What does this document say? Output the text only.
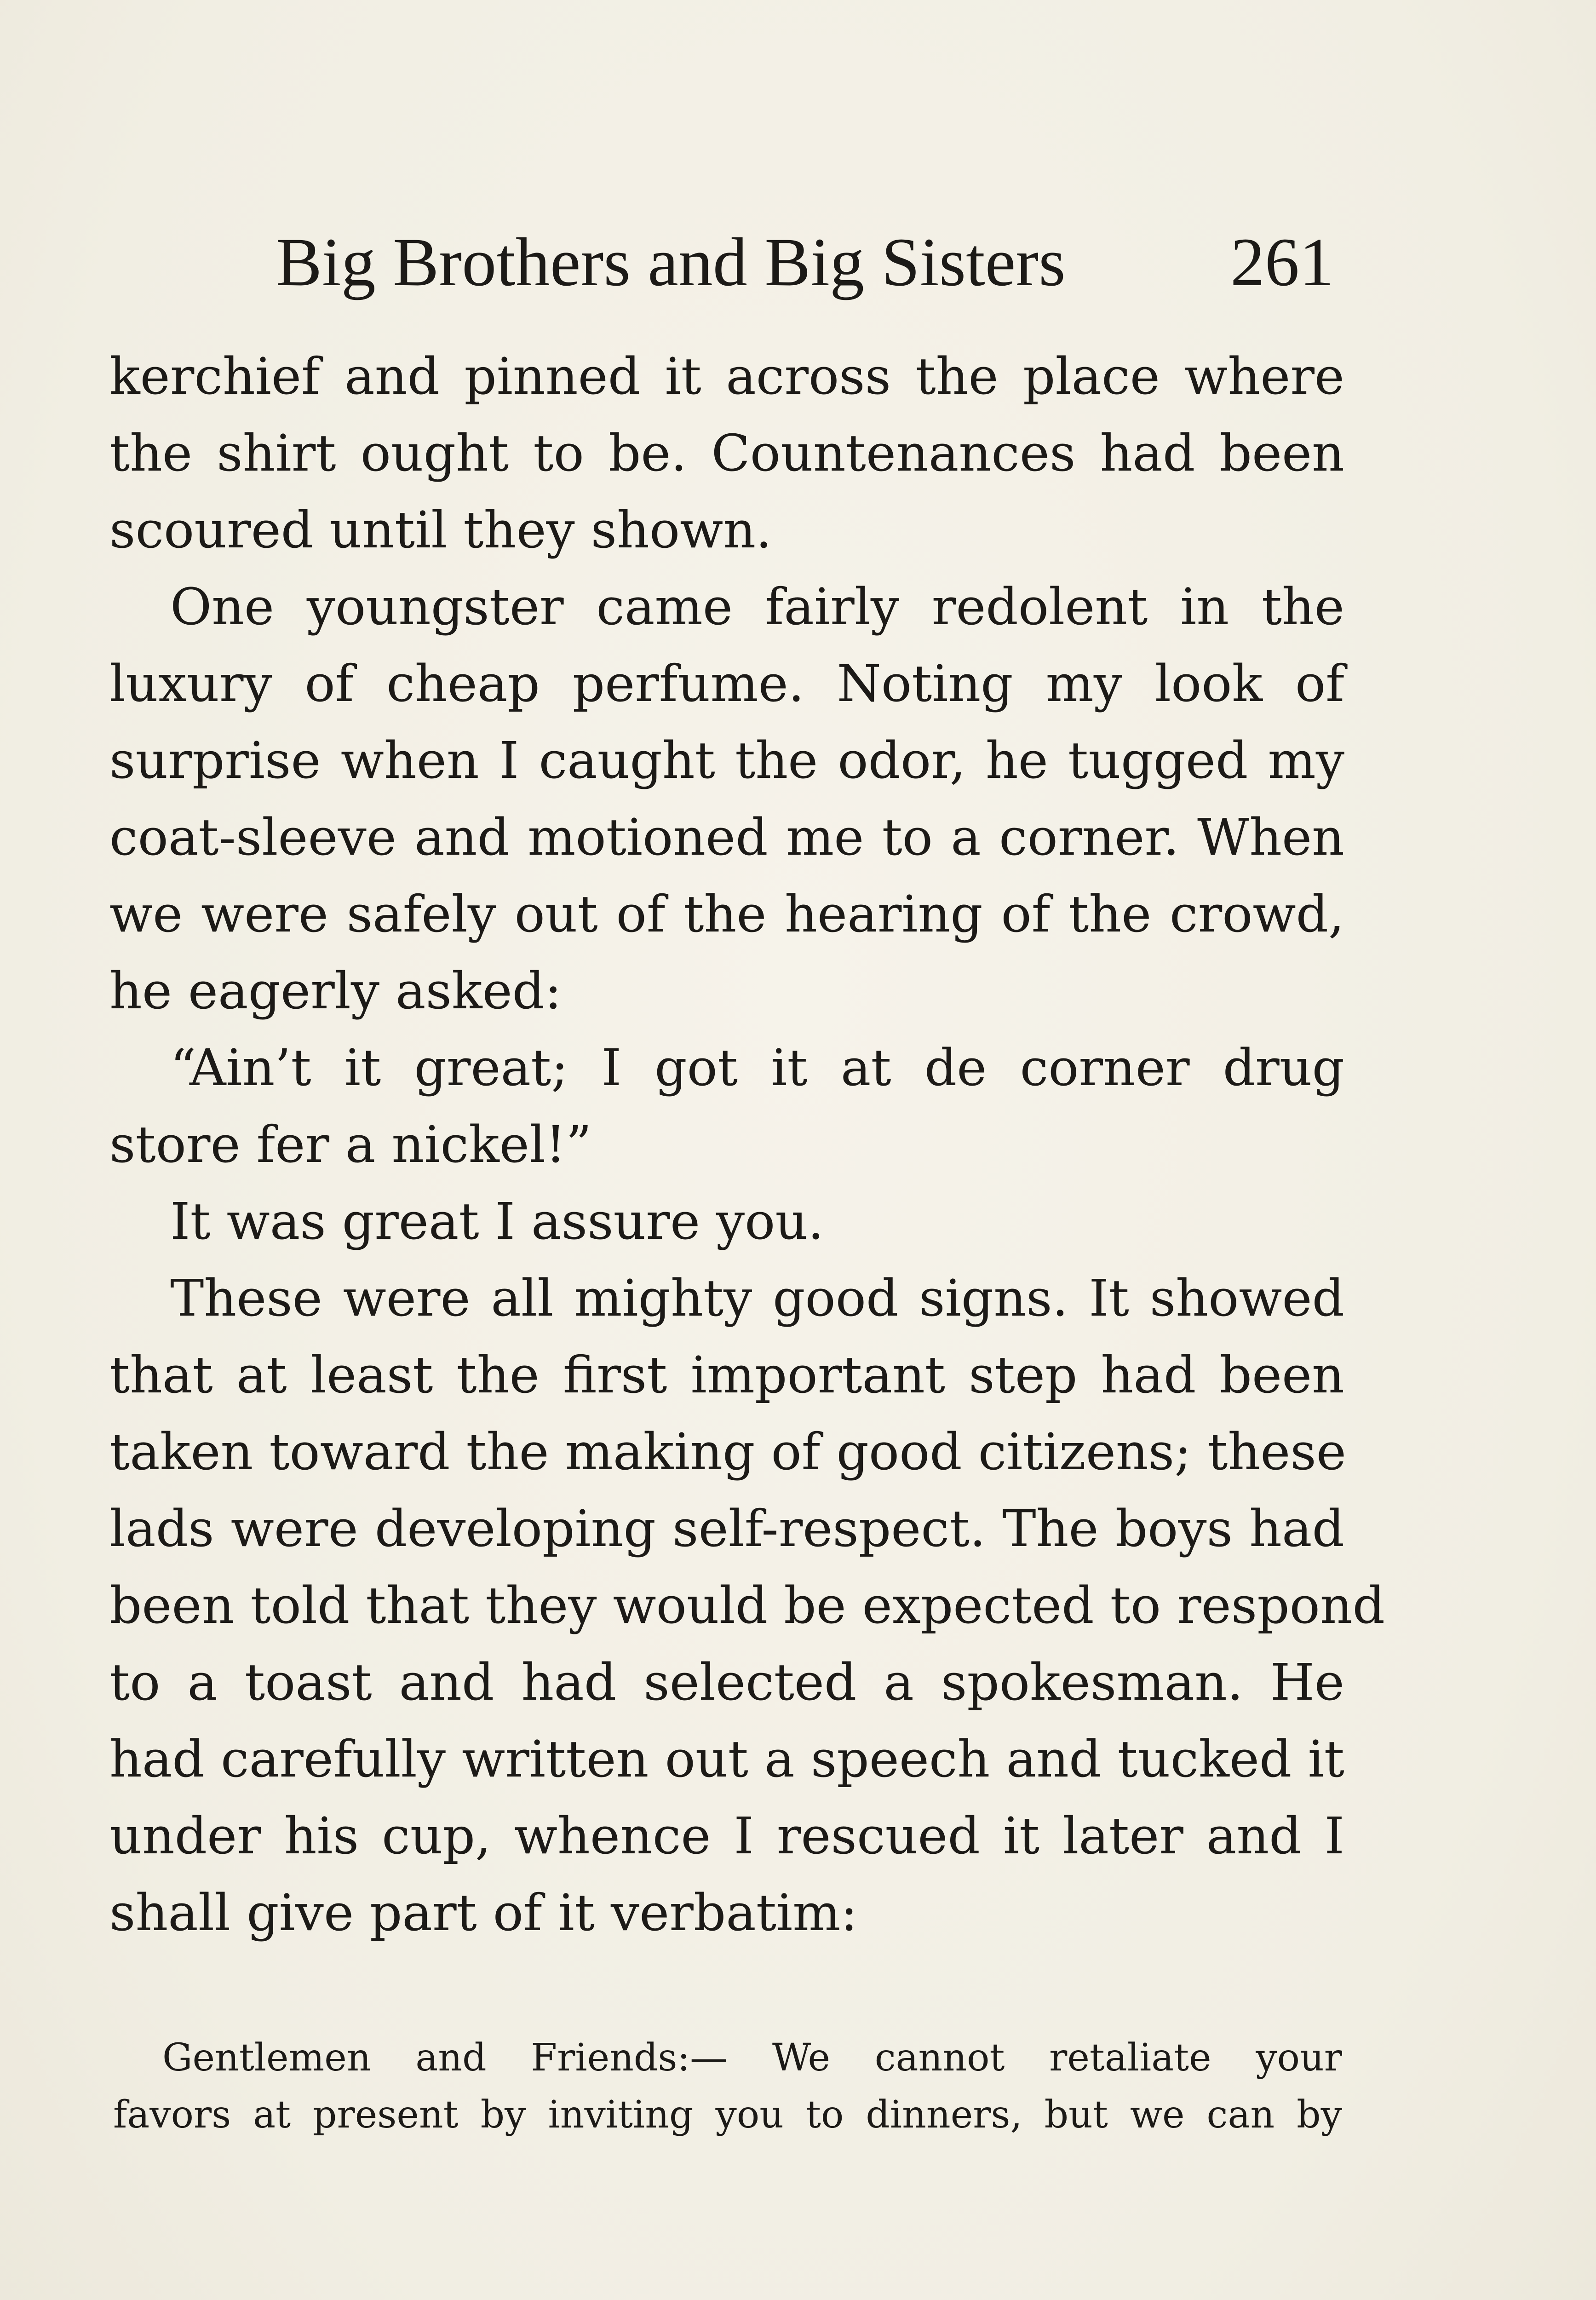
Big Brothers and Big Sisters 261
kerchief and pinned it across the place where
the shirt ought to be. Countenances had been
scoured until they shown.
One youngster came fairly redolent in the
luxury of cheap perfume. Noting my look of
surprise when I caught the odor, he tugged my
coat-sleeve and motioned me to a corner. When
we were safely out of the hearing of the crowd,
he eagerly asked:
“Ain’t it great; I got it at de corner drug
store fer a nickel!”
It was great I assure you.
These were all mighty good signs. It showed
that at least the first important step had been
taken toward the making of good citizens; these
lads were developing self-respect. The boys had
been told that they would be expected to respond
to a toast and had selected a spokesman. He
had carefully written out a speech and tucked it
under his cup, whence I rescued it later and I
shall give part of it verbatim:
Gentlemen and Friends:— We cannot retaliate your
favors at present by inviting you to dinners, but we can by
